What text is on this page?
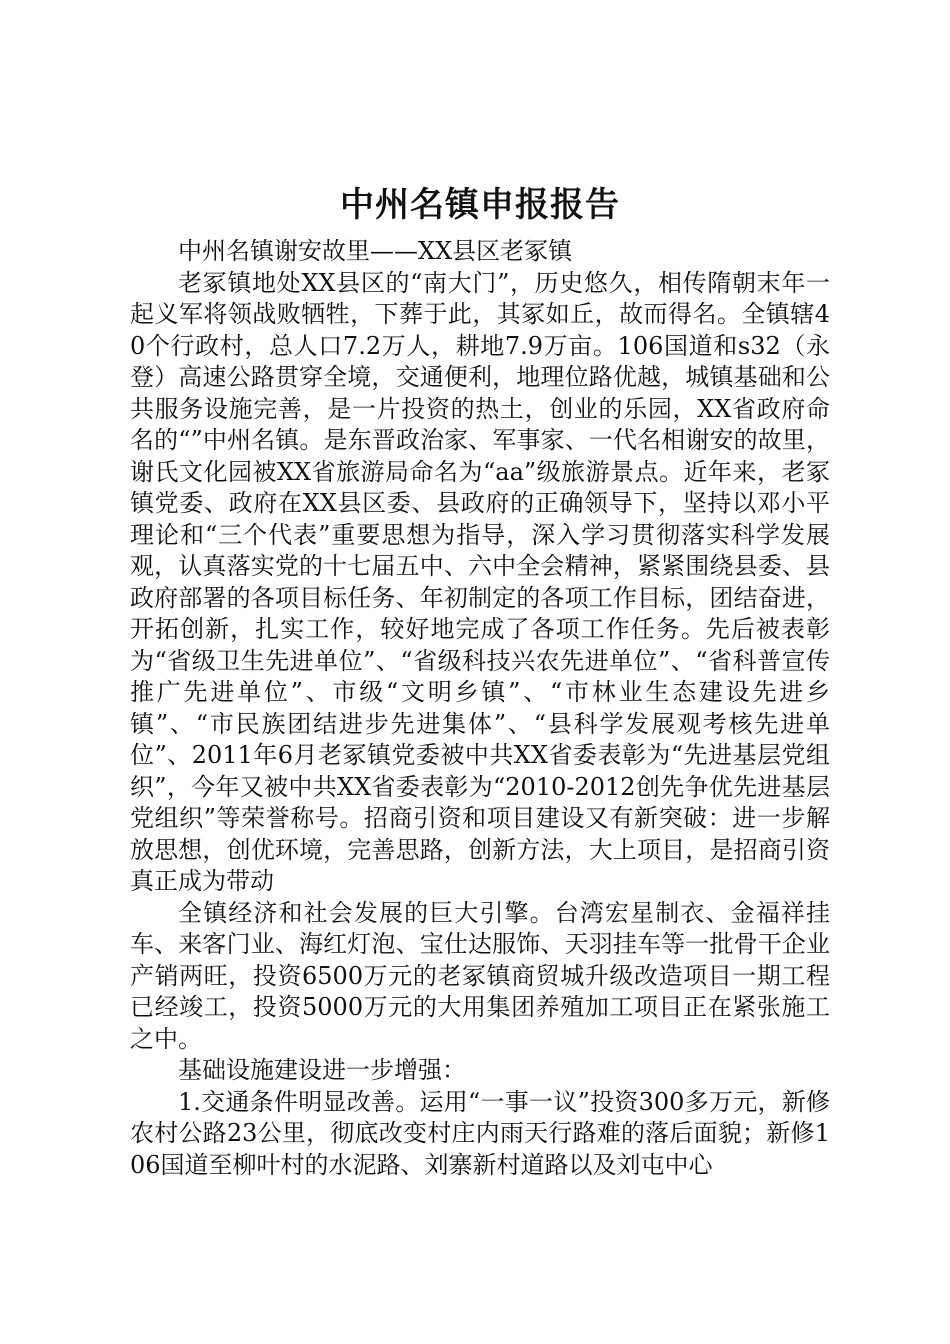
中州名镇申报报告

中州名镇谢安故里——XX县区老冢镇

老冢镇地处XX县区的“南大门”，历史悠久，相传隋朝末年一起义军将领战败牺牲，下葬于此，其冢如丘，故而得名。全镇辖40个行政村，总人口7.2万人，耕地7.9万亩。106国道和s32（永登）高速公路贯穿全境，交通便利，地理位路优越，城镇基础和公共服务设施完善，是一片投资的热土，创业的乐园，XX省政府命名的“”中州名镇。是东晋政治家、军事家、一代名相谢安的故里，谢氏文化园被XX省旅游局命名为“aa”级旅游景点。近年来，老冢镇党委、政府在XX县区委、县政府的正确领导下，坚持以邓小平理论和“三个代表”重要思想为指导，深入学习贯彻落实科学发展观，认真落实党的十七届五中、六中全会精神，紧紧围绕县委、县政府部署的各项目标任务、年初制定的各项工作目标，团结奋进，开拓创新，扎实工作，较好地完成了各项工作任务。先后被表彰为“省级卫生先进单位”、“省级科技兴农先进单位”、“省科普宣传推广先进单位”、市级“文明乡镇”、“市林业生态建设先进乡镇”、“市民族团结进步先进集体”、“县科学发展观考核先进单位”、2011年6月老冢镇党委被中共XX省委表彰为“先进基层党组织”，今年又被中共XX省委表彰为“2010-2012创先争优先进基层党组织”等荣誉称号。招商引资和项目建设又有新突破：进一步解放思想，创优环境，完善思路，创新方法，大上项目，是招商引资真正成为带动

全镇经济和社会发展的巨大引擎。台湾宏星制衣、金福祥挂车、来客门业、海红灯泡、宝仕达服饰、天羽挂车等一批骨干企业产销两旺，投资6500万元的老冢镇商贸城升级改造项目一期工程已经竣工，投资5000万元的大用集团养殖加工项目正在紧张施工之中。

基础设施建设进一步增强：

1.交通条件明显改善。运用“一事一议”投资300多万元，新修农村公路23公里，彻底改变村庄内雨天行路难的落后面貌；新修106国道至柳叶村的水泥路、刘寨新村道路以及刘屯中心
